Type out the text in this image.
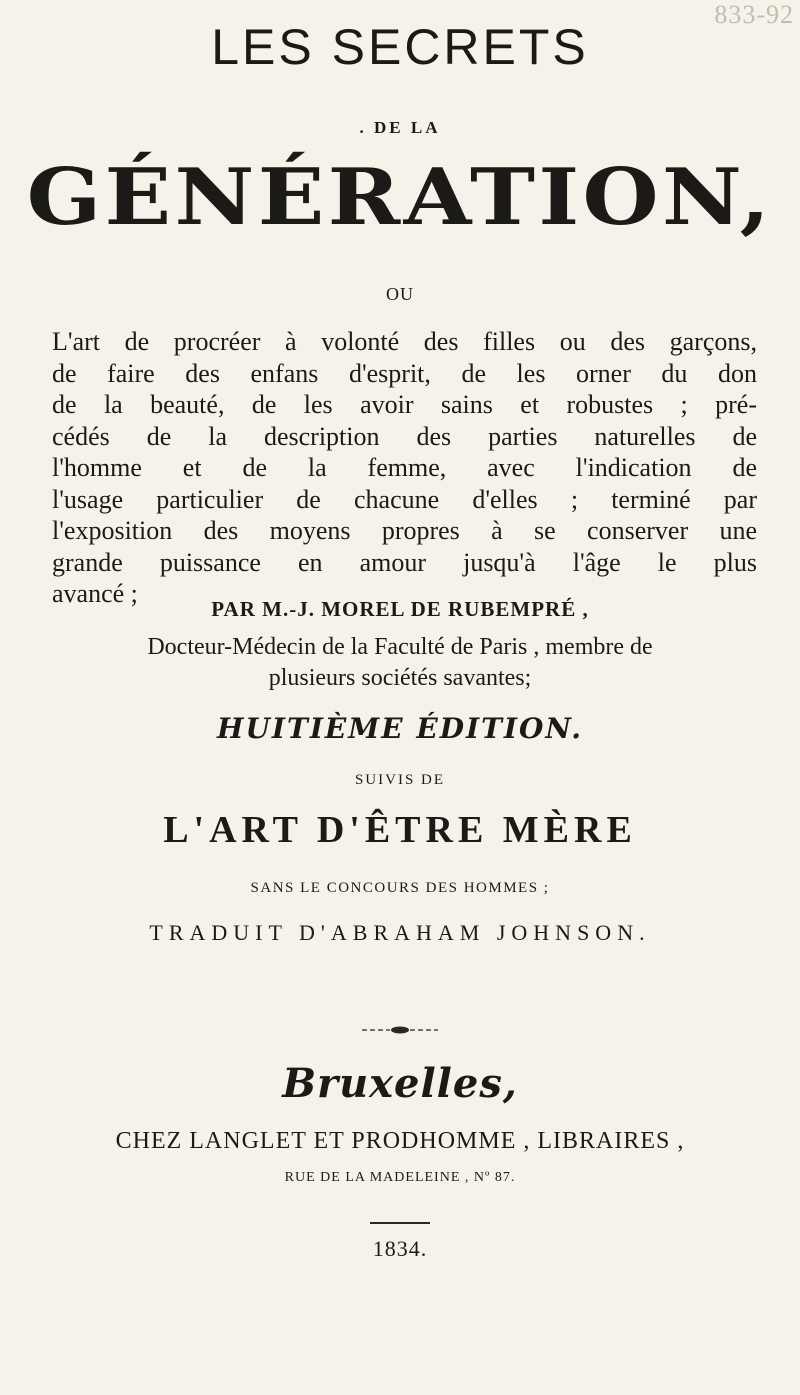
833-92
LES SECRETS
. DE LA
GÉNÉRATION,
OU
L'art de procréer à volonté des filles ou des garçons,
de faire des enfans d'esprit, de les orner du don
de la beauté, de les avoir sains et robustes ; pré-
cédés de la description des parties naturelles de
l'homme et de la femme, avec l'indication de
l'usage particulier de chacune d'elles ; terminé par
l'exposition des moyens propres à se conserver une
grande puissance en amour jusqu'à l'âge le plus
avancé ;
PAR M.-J. MOREL DE RUBEMPRÉ ,
Docteur-Médecin de la Faculté de Paris , membre de
plusieurs sociétés savantes;
HUITIÈME ÉDITION.
SUIVIS DE
L'ART D'ÊTRE MÈRE
SANS LE CONCOURS DES HOMMES ;
TRADUIT D'ABRAHAM JOHNSON.
Bruxelles,
CHEZ LANGLET ET PRODHOMME , LIBRAIRES ,
RUE DE LA MADELEINE , Nº 87.
1834.
